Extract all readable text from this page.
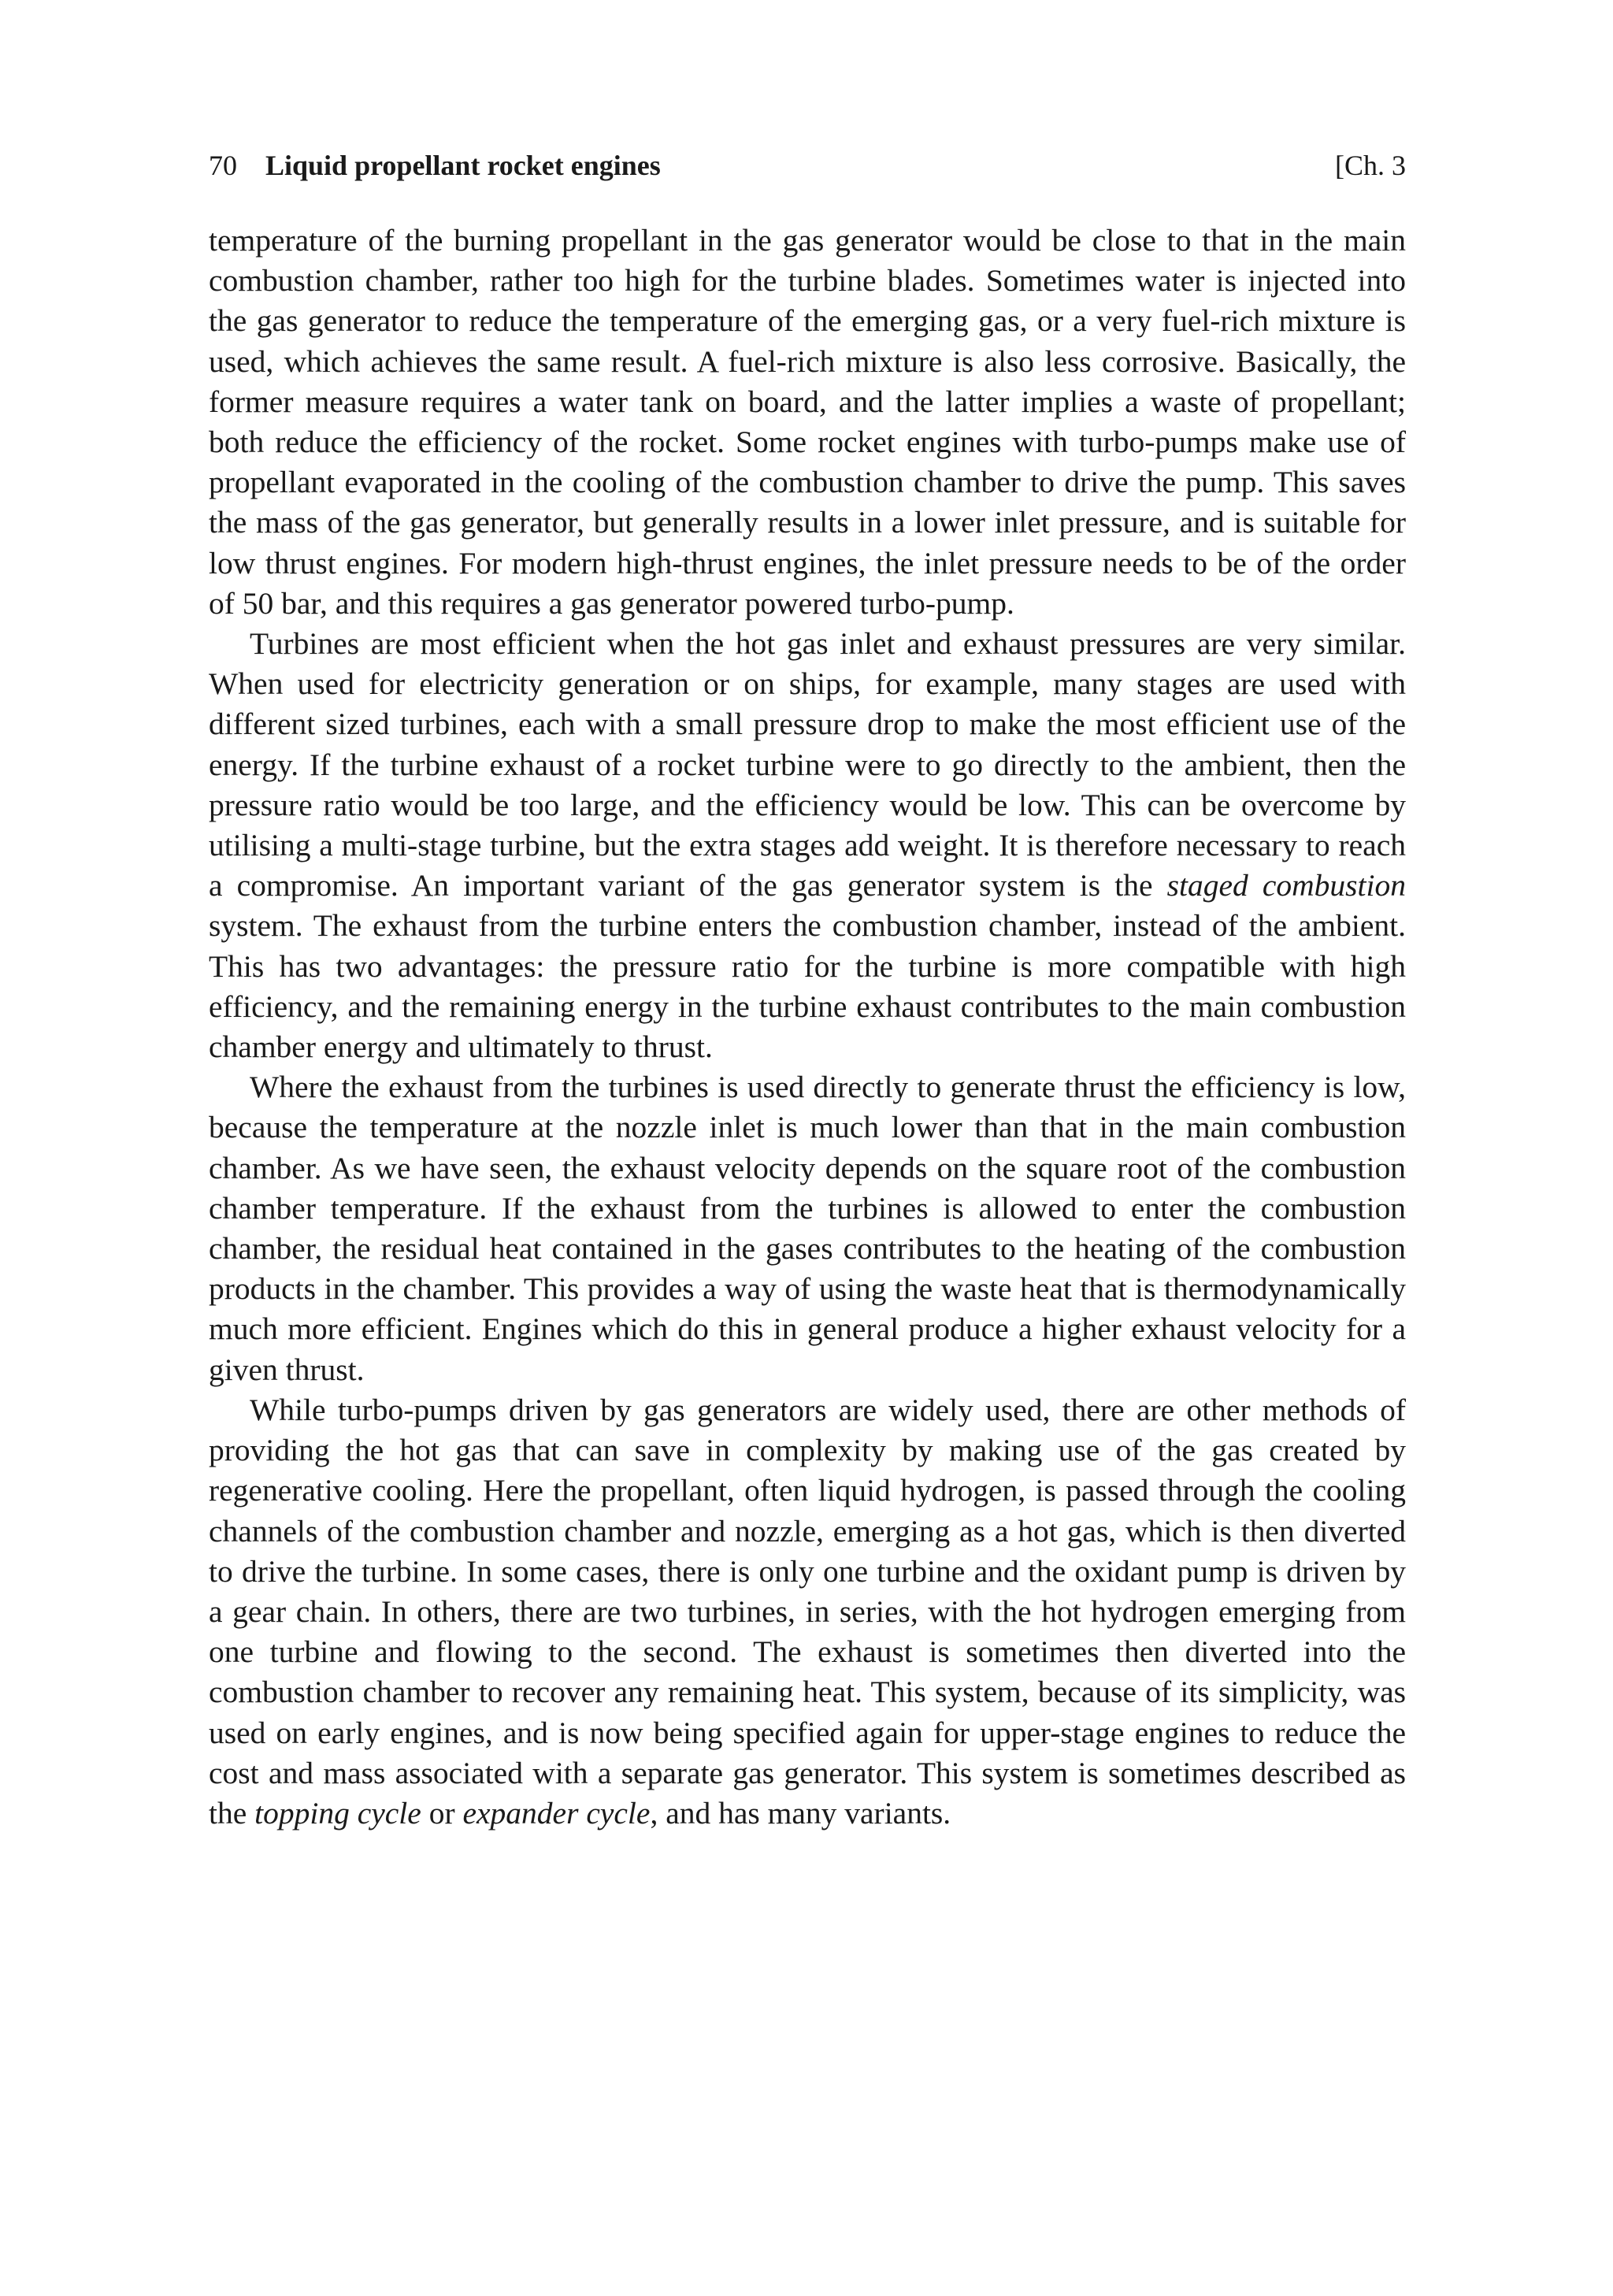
70 Liquid propellant rocket engines	[Ch. 3

temperature of the burning propellant in the gas generator would be close to that in the main combustion chamber, rather too high for the turbine blades. Sometimes water is injected into the gas generator to reduce the temperature of the emerging gas, or a very fuel-rich mixture is used, which achieves the same result. A fuel-rich mixture is also less corrosive. Basically, the former measure requires a water tank on board, and the latter implies a waste of propellant; both reduce the efficiency of the rocket. Some rocket engines with turbo-pumps make use of propellant evaporated in the cooling of the combustion chamber to drive the pump. This saves the mass of the gas generator, but generally results in a lower inlet pressure, and is suitable for low thrust engines. For modern high-thrust engines, the inlet pressure needs to be of the order of 50 bar, and this requires a gas generator powered turbo-pump.

Turbines are most efficient when the hot gas inlet and exhaust pressures are very similar. When used for electricity generation or on ships, for example, many stages are used with different sized turbines, each with a small pressure drop to make the most efficient use of the energy. If the turbine exhaust of a rocket turbine were to go directly to the ambient, then the pressure ratio would be too large, and the efficiency would be low. This can be overcome by utilising a multi-stage turbine, but the extra stages add weight. It is therefore necessary to reach a compromise. An important variant of the gas generator system is the staged combustion system. The exhaust from the turbine enters the combustion chamber, instead of the ambient. This has two advantages: the pressure ratio for the turbine is more compatible with high efficiency, and the remaining energy in the turbine exhaust contributes to the main combustion chamber energy and ultimately to thrust.

Where the exhaust from the turbines is used directly to generate thrust the efficiency is low, because the temperature at the nozzle inlet is much lower than that in the main combustion chamber. As we have seen, the exhaust velocity depends on the square root of the combustion chamber temperature. If the exhaust from the turbines is allowed to enter the combustion chamber, the residual heat contained in the gases contributes to the heating of the combustion products in the chamber. This provides a way of using the waste heat that is thermodynamically much more efficient. Engines which do this in general produce a higher exhaust velocity for a given thrust.

While turbo-pumps driven by gas generators are widely used, there are other methods of providing the hot gas that can save in complexity by making use of the gas created by regenerative cooling. Here the propellant, often liquid hydrogen, is passed through the cooling channels of the combustion chamber and nozzle, emerging as a hot gas, which is then diverted to drive the turbine. In some cases, there is only one turbine and the oxidant pump is driven by a gear chain. In others, there are two turbines, in series, with the hot hydrogen emerging from one turbine and flowing to the second. The exhaust is sometimes then diverted into the combustion chamber to recover any remaining heat. This system, because of its simplicity, was used on early engines, and is now being specified again for upper-stage engines to reduce the cost and mass associated with a separate gas generator. This system is sometimes described as the topping cycle or expander cycle, and has many variants.
